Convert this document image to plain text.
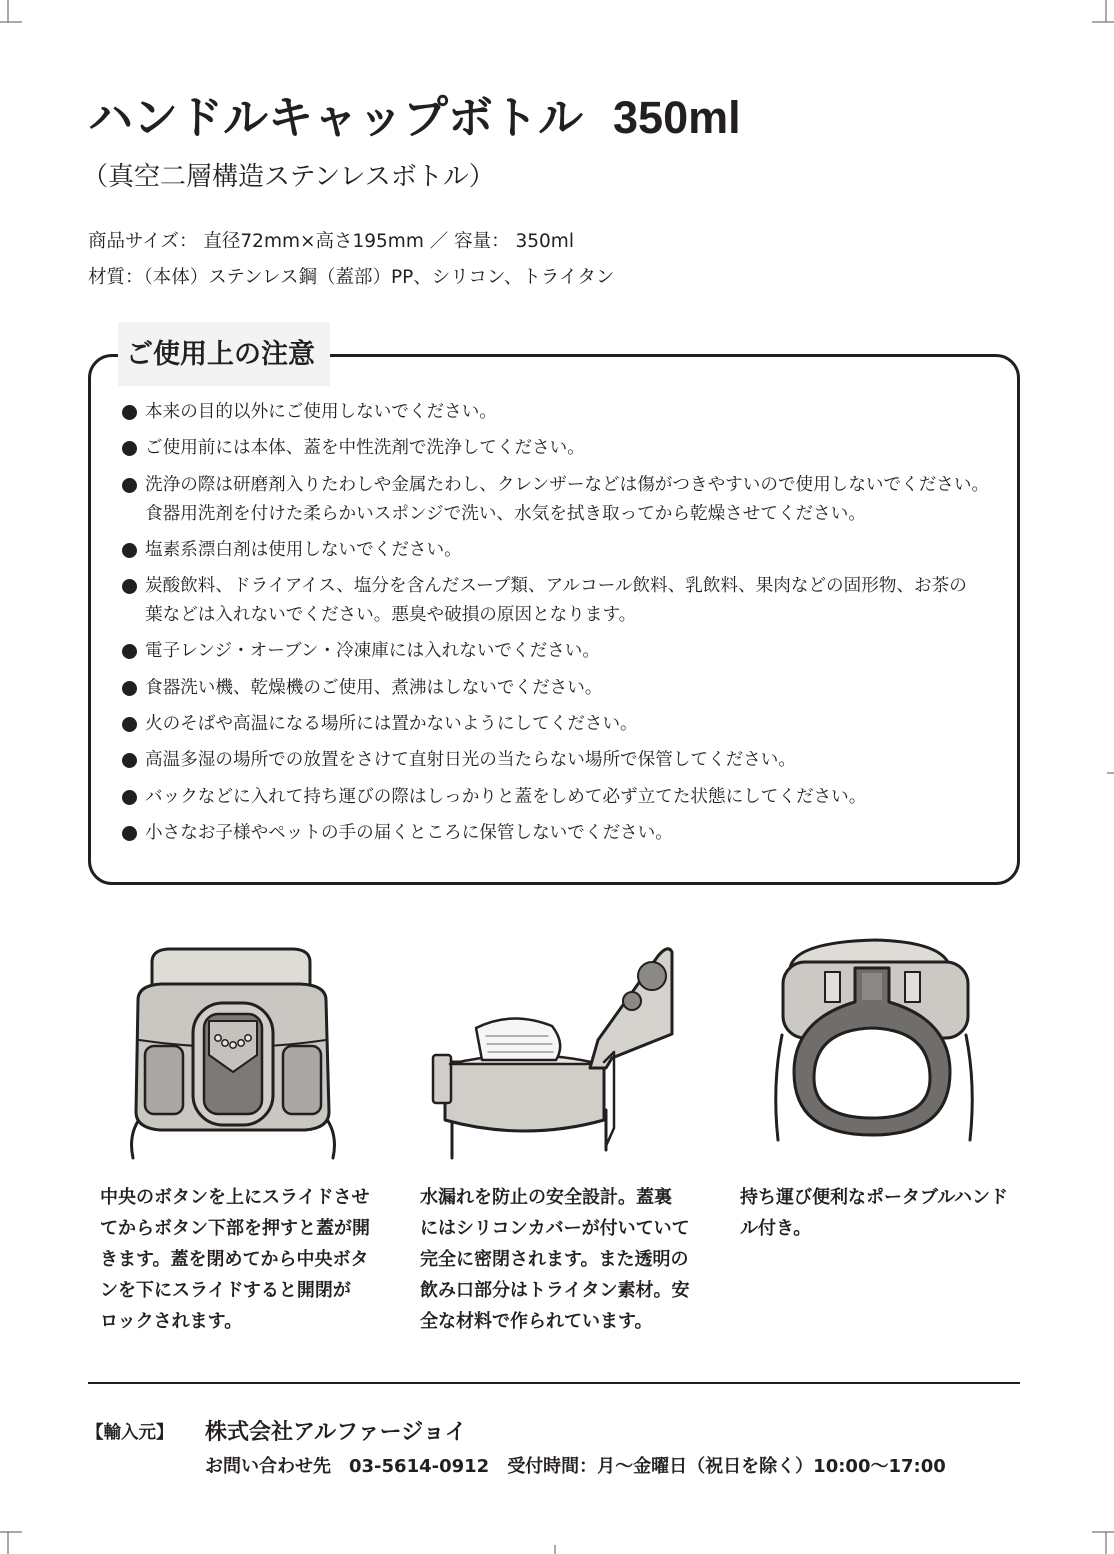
ハンドルキャップボトル 350ml
（真空二層構造ステンレスボトル）
商品サイズ： 直径72mm×高さ195mm ／ 容量： 350ml
材質：（本体）ステンレス鋼（蓋部）PP、シリコン、トライタン
ご使用上の注意
本来の目的以外にご使用しないでください。
ご使用前には本体、蓋を中性洗剤で洗浄してください。
洗浄の際は研磨剤入りたわしや金属たわし、クレンザーなどは傷がつきやすいので使用しないでください。
食器用洗剤を付けた柔らかいスポンジで洗い、水気を拭き取ってから乾燥させてください。
塩素系漂白剤は使用しないでください。
炭酸飲料、ドライアイス、塩分を含んだスープ類、アルコール飲料、乳飲料、果肉などの固形物、お茶の
葉などは入れないでください。悪臭や破損の原因となります。
電子レンジ・オーブン・冷凍庫には入れないでください。
食器洗い機、乾燥機のご使用、煮沸はしないでください。
火のそばや高温になる場所には置かないようにしてください。
高温多湿の場所での放置をさけて直射日光の当たらない場所で保管してください。
バックなどに入れて持ち運びの際はしっかりと蓋をしめて必ず立てた状態にしてください。
小さなお子様やペットの手の届くところに保管しないでください。
中央のボタンを上にスライドさせ
てからボタン下部を押すと蓋が開
きます。蓋を閉めてから中央ボタ
ンを下にスライドすると開閉が
ロックされます。
水漏れを防止の安全設計。蓋裏
にはシリコンカバーが付いていて
完全に密閉されます。また透明の
飲み口部分はトライタン素材。安
全な材料で作られています。
持ち運び便利なポータブルハンド
ル付き。
【輸入元】 株式会社アルファージョイ
お問い合わせ先 03-5614-0912 受付時間：月～金曜日（祝日を除く）10:00～17:00
